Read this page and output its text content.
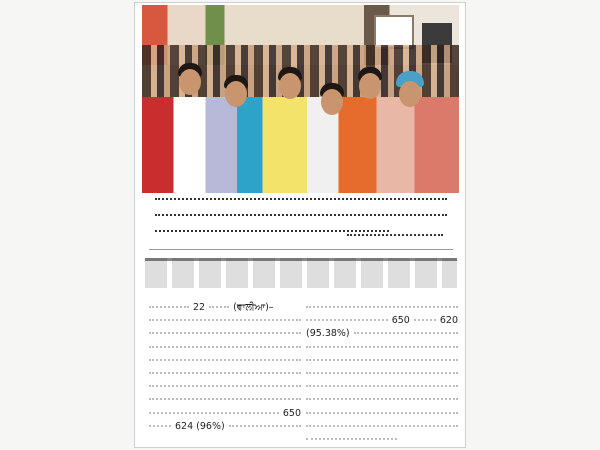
22	(ਵਾਲੀਆ)–
650
624 (96%)
650	620
(95.38%)
